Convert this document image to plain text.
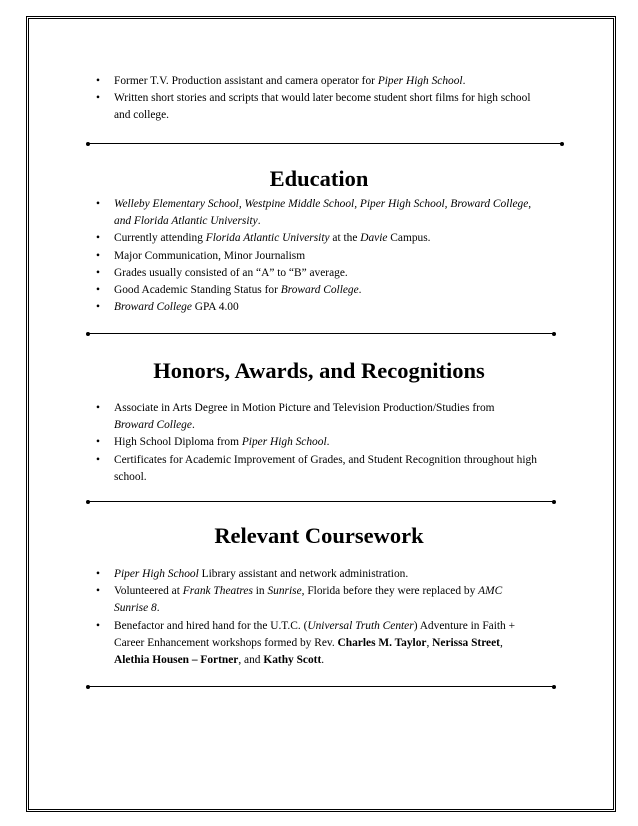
•	Former T.V. Production assistant and camera operator for Piper High School.
•	Written short stories and scripts that would later become student short films for high school and college.
Education
•	Welleby Elementary School, Westpine Middle School, Piper High School, Broward College, and Florida Atlantic University.
•	Currently attending Florida Atlantic University at the Davie Campus.
•	Major Communication, Minor Journalism
•	Grades usually consisted of an “A” to “B” average.
•	Good Academic Standing Status for Broward College.
•	Broward College GPA 4.00
Honors, Awards, and Recognitions
•	Associate in Arts Degree in Motion Picture and Television Production/Studies from Broward College.
•	High School Diploma from Piper High School.
•	Certificates for Academic Improvement of Grades, and Student Recognition throughout high school.
Relevant Coursework
•	Piper High School Library assistant and network administration.
•	Volunteered at Frank Theatres in Sunrise, Florida before they were replaced by AMC Sunrise 8.
•	Benefactor and hired hand for the U.T.C. (Universal Truth Center) Adventure in Faith + Career Enhancement workshops formed by Rev. Charles M. Taylor, Nerissa Street, Alethia Housen – Fortner, and Kathy Scott.
